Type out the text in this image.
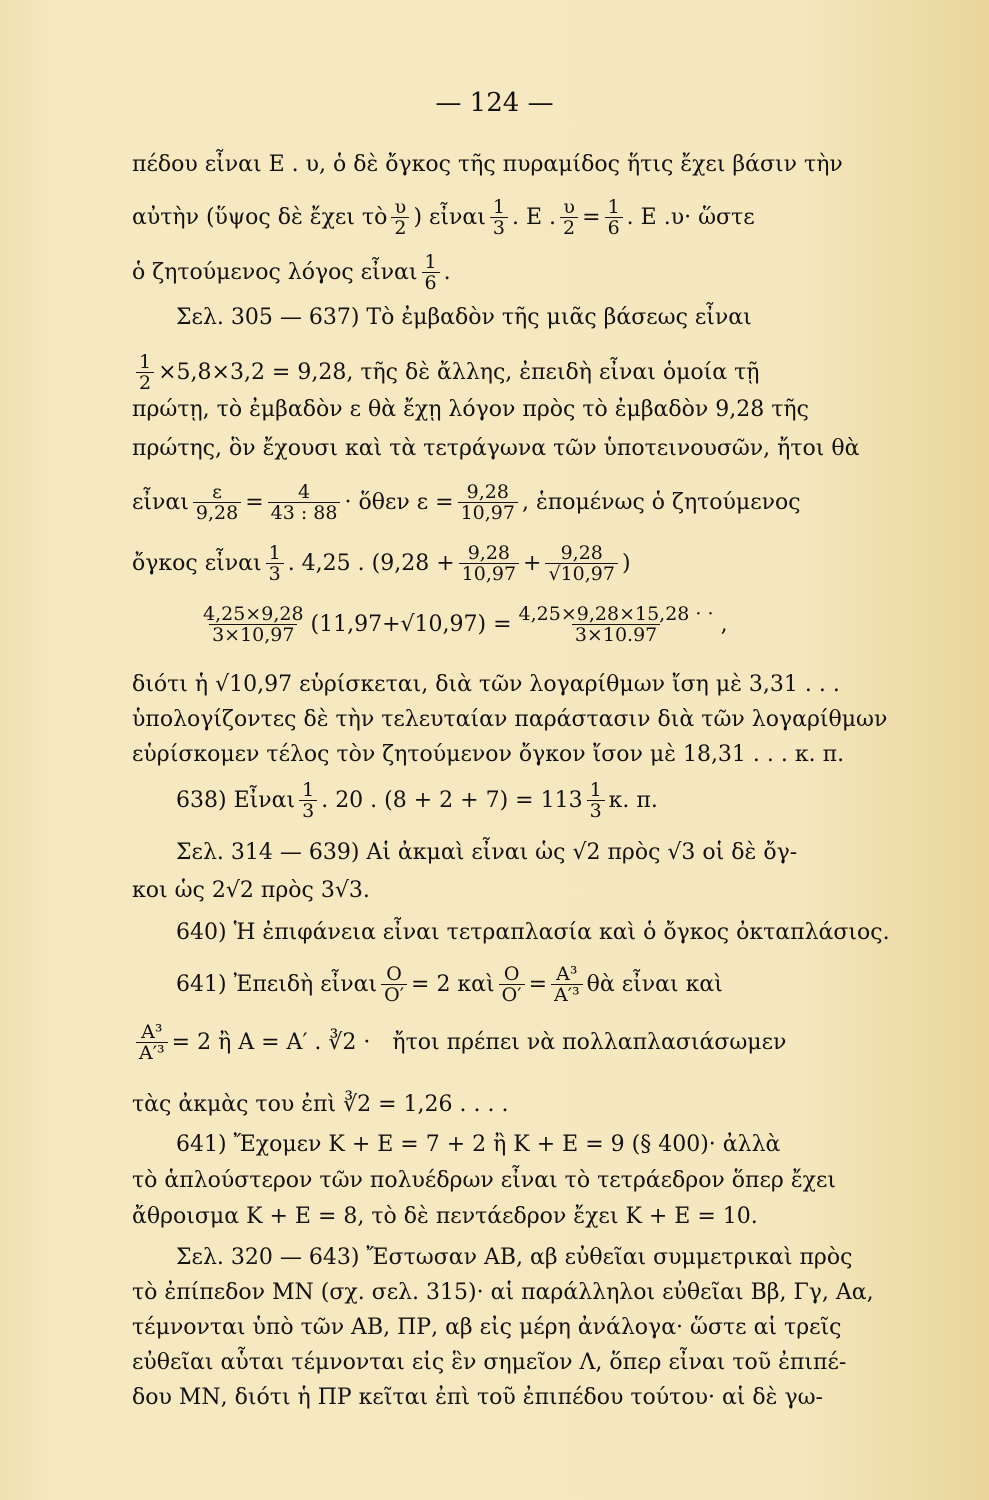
— 124 —
πέδου εἶναι Ε . υ, ὁ δὲ ὄγκος τῆς πυραμίδος ἥτις ἔχει βάσιν τὴν
αὐτὴν (ὕψος δὲ ἔχει τὸ $\frac{\upsilon}{2}$ ) εἶναι $\frac{1}{3}$ . Ε . $\frac{\upsilon}{2} = \frac{1}{6}$ . Ε .υ· ὥστε
ὁ ζητούμενος λόγος εἶναι $\frac{1}{6}$ .
Σελ. 305 — 637) Τὸ ἐμβαδὸν τῆς μιᾶς βάσεως εἶναι
$\frac{1}{2} \times 5,8\times 3,2 = 9,28$, τῆς δὲ ἄλλης, ἐπειδὴ εἶναι ὁμοία τῇ
πρώτῃ, τὸ ἐμβαδὸν ε θὰ ἔχῃ λόγον πρὸς τὸ ἐμβαδὸν 9,28 τῆς
πρώτης, ὃν ἔχουσι καὶ τὰ τετράγωνα τῶν ὑποτεινουσῶν, ἤτοι θὰ
εἶναι $\frac{\varepsilon}{9,28} = \frac{4}{43 : 88}$ · ὅθεν $\varepsilon = \frac{9,28}{10,97}$ , ἑπομένως ὁ ζητούμενος
ὄγκος εἶναι $\frac{1}{3}$ . 4,25 . ($9,28 + \frac{9,28}{10,97} + \frac{9,28}{√10,97}$ )
$\frac{4,25\times 9,28}{3\times 10,97} (11,97+√10,97) = \frac{4,25\times 9,28\times 15,28 \cdot \cdot}{3\times 10.97}$ ,
διότι ἡ √10,97 εὑρίσκεται, διὰ τῶν λογαρίθμων ἴση μὲ 3,31 . . .
ὑπολογίζοντες δὲ τὴν τελευταίαν παράστασιν διὰ τῶν λογαρίθμων
εὑρίσκομεν τέλος τὸν ζητούμενον ὄγκον ἴσον μὲ 18,31 . . . κ. π.
638) Εἶναι $\frac{1}{3}$ . 20 . $(8 + 2 + 7) = 113 \frac{1}{3} \kappa$. π.
Σελ. 314 — 639) Αἱ ἀκμαὶ εἶναι ὡς √2 πρὸς √3 οἱ δὲ ὄγ-
κοι ὡς 2√2 πρὸς 3√3.
640) Ἡ ἐπιφάνεια εἶναι τετραπλασία καὶ ὁ ὄγκος ὀκταπλάσιος.
641) Ἐπειδὴ εἶναι $\frac{O}{O'} = 2$ καὶ $\frac{O}{O'} = \frac{\text{Α³}}{\text{Α′³}}$ θὰ εἶναι καὶ
$\frac{\text{Α³}}{\text{Α′³}} = 2$ ἢ Α = Α′ . ∛2 · ἤτοι πρέπει νὰ πολλαπλασιάσωμεν
τὰς ἀκμὰς του ἐπὶ ∛2 = 1,26 . . . .
641) Ἔχομεν Κ + Ε = 7 + 2 ἢ Κ + Ε = 9 (§ 400)· ἀλλὰ
τὸ ἁπλούστερον τῶν πολυέδρων εἶναι τὸ τετράεδρον ὅπερ ἔχει
ἄθροισμα Κ + Ε = 8, τὸ δὲ πεντάεδρον ἔχει Κ + Ε = 10.
Σελ. 320 — 643) Ἔστωσαν ΑΒ, αβ εὐθεῖαι συμμετρικαὶ πρὸς
τὸ ἐπίπεδον ΜΝ (σχ. σελ. 315)· αἱ παράλληλοι εὐθεῖαι Ββ, Γγ, Αα,
τέμνονται ὑπὸ τῶν ΑΒ, ΠΡ, αβ εἰς μέρη ἀνάλογα· ὥστε αἱ τρεῖς
εὐθεῖαι αὗται τέμνονται εἰς ἓν σημεῖον Λ, ὅπερ εἶναι τοῦ ἐπιπέ-
δου ΜΝ, διότι ἡ ΠΡ κεῖται ἐπὶ τοῦ ἐπιπέδου τούτου· αἱ δὲ γω-
